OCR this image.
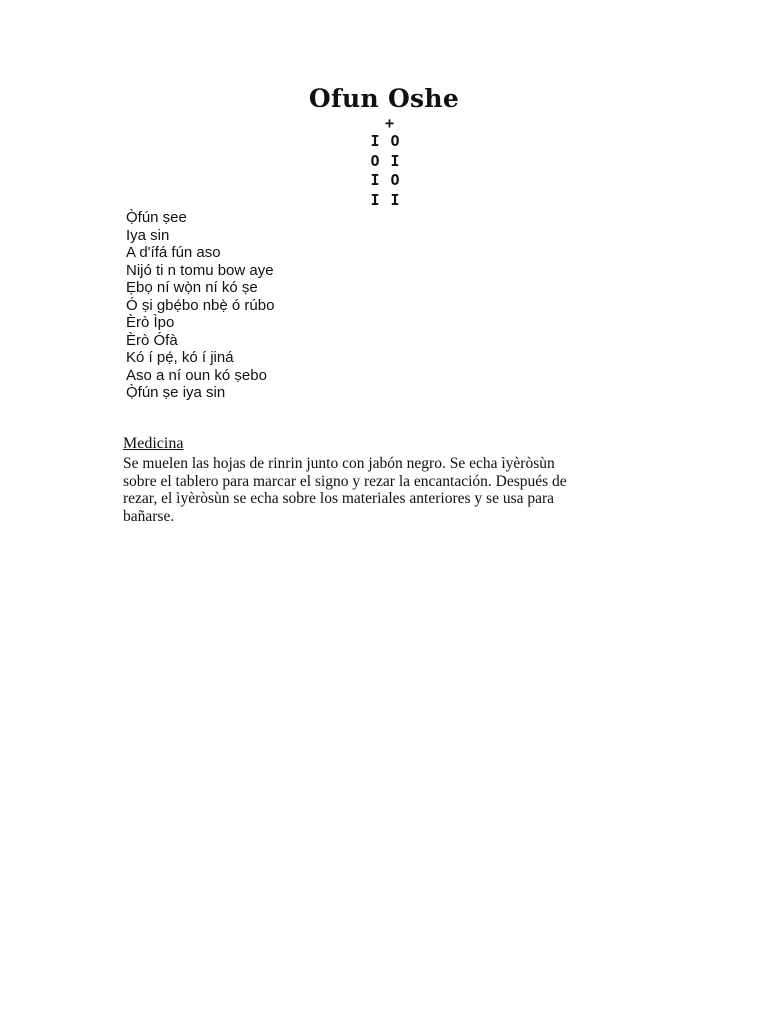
Ofun Oshe
+
I O
O I
I O
I I
Ọ̀fún ṣee
Iya sin
A d'ífá fún aso
Nijó ti n tomu bow aye
Ẹbọ ní wọ̀n ní kó ṣe
Ó ṣi gbẹ́bo nbẹ̀ ó rúbo
Èrò Ìpo
Èrò Ófà
Kó í pẹ́, kó í jiná
Aso a ní oun kó ṣebo
Ọ̀fún ṣe iya sin
Medicina

Se muelen las hojas de rinrin junto con jabón negro. Se echa ìyèròsùn
sobre el tablero para marcar el signo y rezar la encantación. Después de
rezar, el ìyèròsùn se echa sobre los materiales anteriores y se usa para
bañarse.
